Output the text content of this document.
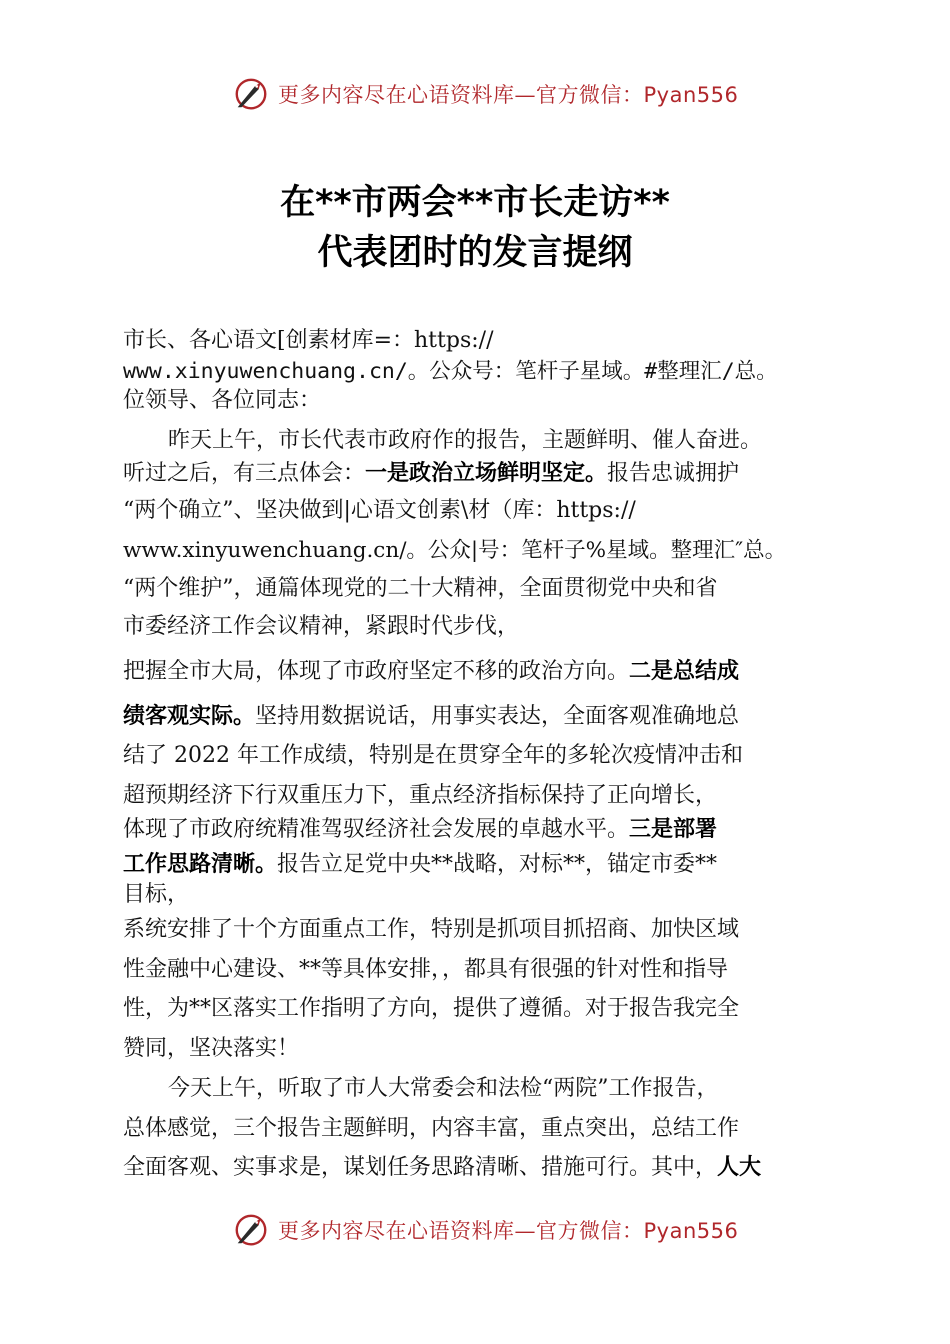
更多内容尽在心语资料库—官方微信：Pyan556
在**市两会**市长走访**
代表团时的发言提纲
市长、各心语文[创素材库=：https://
www.xinyuwenchuang.cn/。公众号：笔杆子星域。#整理汇/总。
位领导、各位同志：
昨天上午，市长代表市政府作的报告，主题鲜明、催人奋进。
听过之后，有三点体会：一是政治立场鲜明坚定。报告忠诚拥护
“两个确立”、坚决做到|心语文创素\材（库：https://
www.xinyuwenchuang.cn/。公众|号：笔杆子%星域。整理汇″总。
“两个维护”，通篇体现党的二十大精神，全面贯彻党中央和省
市委经济工作会议精神，紧跟时代步伐，
把握全市大局，体现了市政府坚定不移的政治方向。二是总结成
绩客观实际。坚持用数据说话，用事实表达，全面客观准确地总
结了 2022 年工作成绩，特别是在贯穿全年的多轮次疫情冲击和
超预期经济下行双重压力下，重点经济指标保持了正向增长，
体现了市政府统精准驾驭经济社会发展的卓越水平。三是部署
工作思路清晰。报告立足党中央**战略，对标**，锚定市委**
目标，
系统安排了十个方面重点工作，特别是抓项目抓招商、加快区域
性金融中心建设、**等具体安排，，都具有很强的针对性和指导
性，为**区落实工作指明了方向，提供了遵循。对于报告我完全
赞同，坚决落实！
今天上午，听取了市人大常委会和法检“两院”工作报告，
总体感觉，三个报告主题鲜明，内容丰富，重点突出，总结工作
全面客观、实事求是，谋划任务思路清晰、措施可行。其中，人大
更多内容尽在心语资料库—官方微信：Pyan556
